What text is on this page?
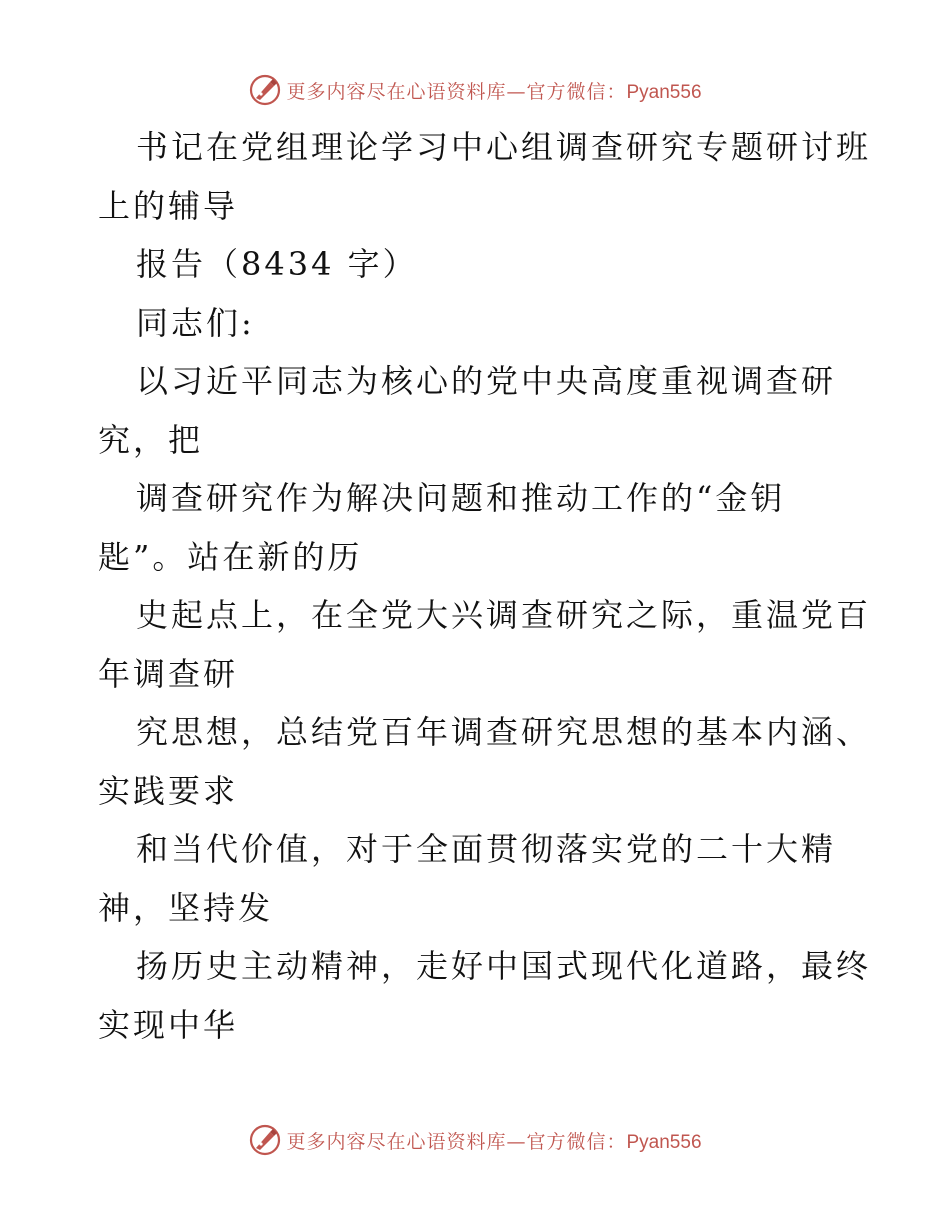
更多内容尽在心语资料库—官方微信：Pyan556
书记在党组理论学习中心组调查研究专题研讨班
上的辅导
报告（8434 字）
同志们:
以习近平同志为核心的党中央高度重视调查研
究，把
调查研究作为解决问题和推动工作的“金钥
匙”。站在新的历
史起点上，在全党大兴调查研究之际，重温党百
年调查研
究思想，总结党百年调查研究思想的基本内涵、
实践要求
和当代价值，对于全面贯彻落实党的二十大精
神，坚持发
扬历史主动精神，走好中国式现代化道路，最终
实现中华
更多内容尽在心语资料库—官方微信：Pyan556
